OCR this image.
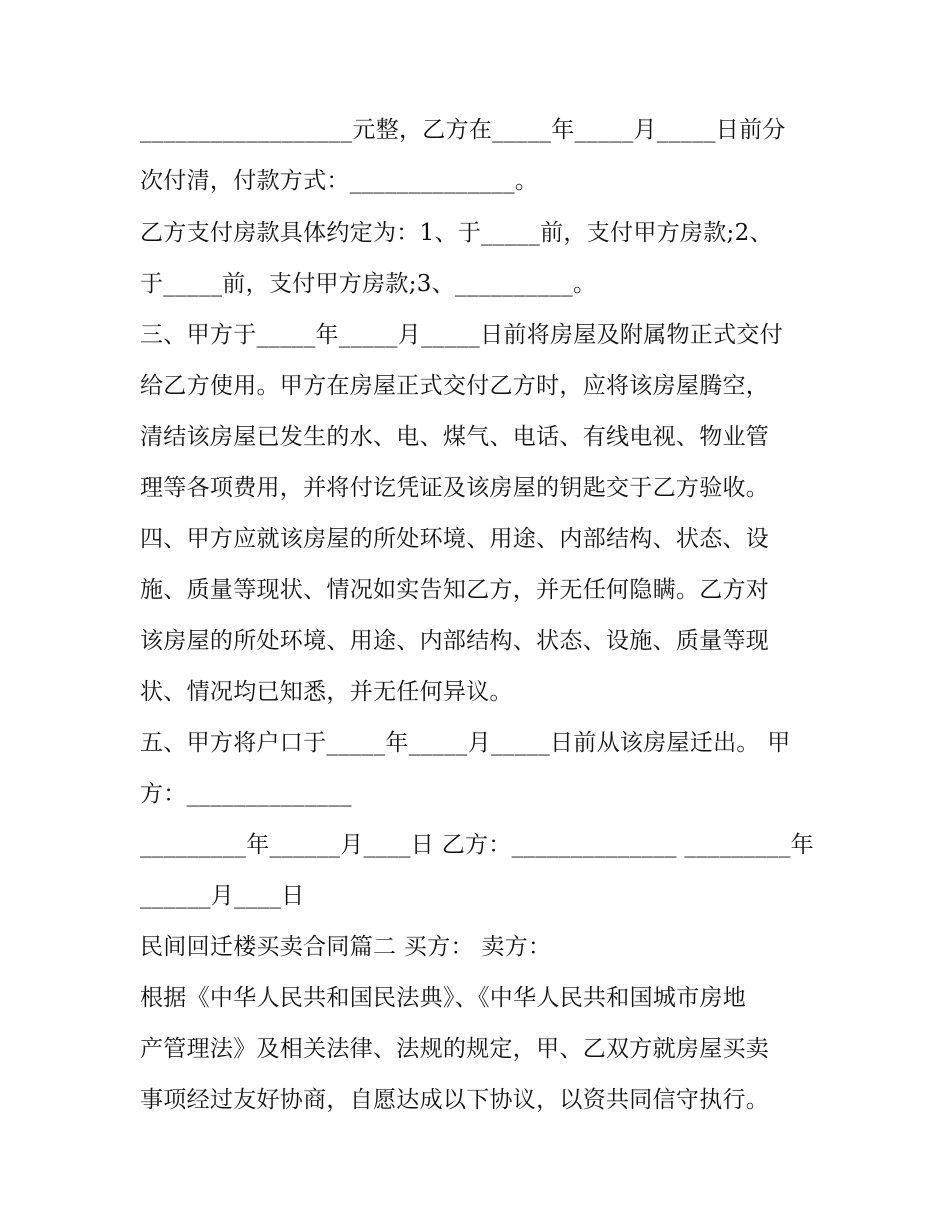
__________________元整，乙方在_____年_____月_____日前分
次付清，付款方式：______________。
乙方支付房款具体约定为：1、于_____前，支付甲方房款;2、
于_____前，支付甲方房款;3、__________。
三、甲方于_____年_____月_____日前将房屋及附属物正式交付
给乙方使用。甲方在房屋正式交付乙方时，应将该房屋腾空，
清结该房屋已发生的水、电、煤气、电话、有线电视、物业管
理等各项费用，并将付讫凭证及该房屋的钥匙交于乙方验收。
四、甲方应就该房屋的所处环境、用途、内部结构、状态、设
施、质量等现状、情况如实告知乙方，并无任何隐瞒。乙方对
该房屋的所处环境、用途、内部结构、状态、设施、质量等现
状、情况均已知悉，并无任何异议。
五、甲方将户口于_____年_____月_____日前从该房屋迁出。 甲
方：______________
_________年______月____日 乙方：______________ _________年
______月____日
民间回迁楼买卖合同篇二 买方： 卖方：
根据《中华人民共和国民法典》、《中华人民共和国城市房地
产管理法》及相关法律、法规的规定，甲、乙双方就房屋买卖
事项经过友好协商，自愿达成以下协议，以资共同信守执行。
